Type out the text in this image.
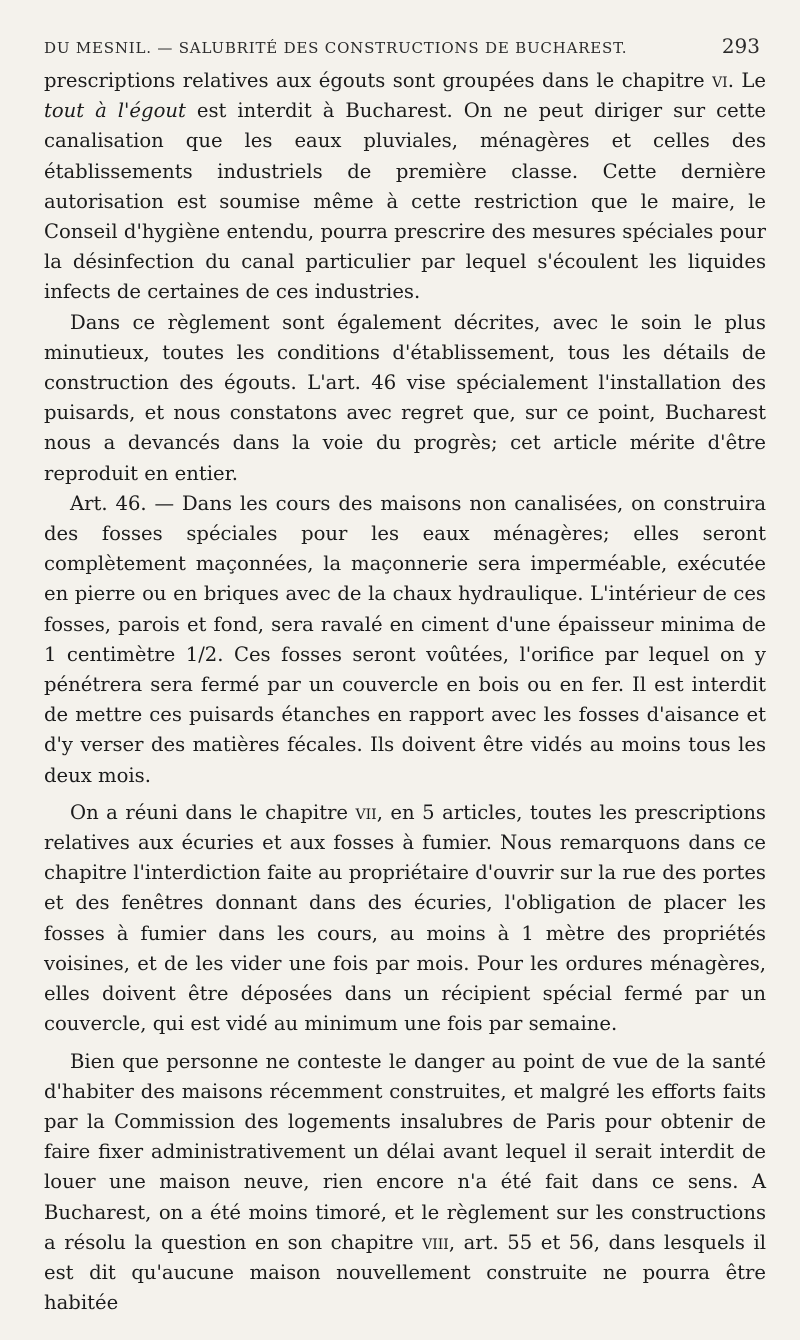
DU MESNIL. — SALUBRITÉ DES CONSTRUCTIONS DE BUCHAREST.	293

prescriptions relatives aux égouts sont groupées dans le chapitre vi. Le tout à l'égout est interdit à Bucharest. On ne peut diriger sur cette canalisation que les eaux pluviales, ménagères et celles des établissements industriels de première classe. Cette dernière autorisation est soumise même à cette restriction que le maire, le Conseil d'hygiène entendu, pourra prescrire des mesures spéciales pour la désinfection du canal particulier par lequel s'écoulent les liquides infects de certaines de ces industries.

Dans ce règlement sont également décrites, avec le soin le plus minutieux, toutes les conditions d'établissement, tous les détails de construction des égouts. L'art. 46 vise spécialement l'installation des puisards, et nous constatons avec regret que, sur ce point, Bucharest nous a devancés dans la voie du progrès; cet article mérite d'être reproduit en entier.

Art. 46. — Dans les cours des maisons non canalisées, on construira des fosses spéciales pour les eaux ménagères; elles seront complètement maçonnées, la maçonnerie sera imperméable, exécutée en pierre ou en briques avec de la chaux hydraulique. L'intérieur de ces fosses, parois et fond, sera ravalé en ciment d'une épaisseur minima de 1 centimètre 1/2. Ces fosses seront voûtées, l'orifice par lequel on y pénétrera sera fermé par un couvercle en bois ou en fer. Il est interdit de mettre ces puisards étanches en rapport avec les fosses d'aisance et d'y verser des matières fécales. Ils doivent être vidés au moins tous les deux mois.

On a réuni dans le chapitre vii, en 5 articles, toutes les prescriptions relatives aux écuries et aux fosses à fumier. Nous remarquons dans ce chapitre l'interdiction faite au propriétaire d'ouvrir sur la rue des portes et des fenêtres donnant dans des écuries, l'obligation de placer les fosses à fumier dans les cours, au moins à 1 mètre des propriétés voisines, et de les vider une fois par mois. Pour les ordures ménagères, elles doivent être déposées dans un récipient spécial fermé par un couvercle, qui est vidé au minimum une fois par semaine.

Bien que personne ne conteste le danger au point de vue de la santé d'habiter des maisons récemment construites, et malgré les efforts faits par la Commission des logements insalubres de Paris pour obtenir de faire fixer administrativement un délai avant lequel il serait interdit de louer une maison neuve, rien encore n'a été fait dans ce sens. A Bucharest, on a été moins timoré, et le règlement sur les constructions a résolu la question en son chapitre viii, art. 55 et 56, dans lesquels il est dit qu'aucune maison nouvellement construite ne pourra être habitée
